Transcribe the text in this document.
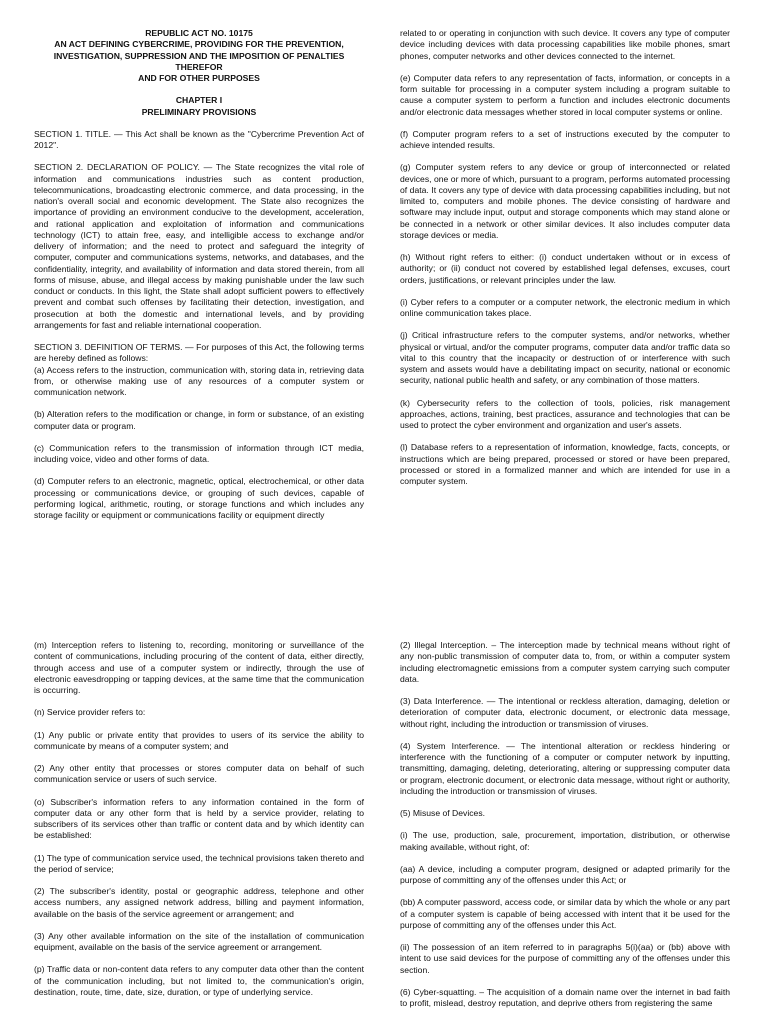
REPUBLIC ACT NO. 10175
AN ACT DEFINING CYBERCRIME, PROVIDING FOR THE PREVENTION,
INVESTIGATION, SUPPRESSION AND THE IMPOSITION OF PENALTIES THEREFOR
AND FOR OTHER PURPOSES
CHAPTER I
PRELIMINARY PROVISIONS

SECTION 1. TITLE. — This Act shall be known as the "Cybercrime Prevention Act of 2012".

SECTION 2. DECLARATION OF POLICY. — The State recognizes the vital role of information and communications industries such as content production, telecommunications, broadcasting electronic commerce, and data processing, in the nation's overall social and economic development. The State also recognizes the importance of providing an environment conducive to the development, acceleration, and rational application and exploitation of information and communications technology (ICT) to attain free, easy, and intelligible access to exchange and/or delivery of information; and the need to protect and safeguard the integrity of computer, computer and communications systems, networks, and databases, and the confidentiality, integrity, and availability of information and data stored therein, from all forms of misuse, abuse, and illegal access by making punishable under the law such conduct or conducts. In this light, the State shall adopt sufficient powers to effectively prevent and combat such offenses by facilitating their detection, investigation, and prosecution at both the domestic and international levels, and by providing arrangements for fast and reliable international cooperation.

SECTION 3. DEFINITION OF TERMS. — For purposes of this Act, the following terms are hereby defined as follows:

(a) Access refers to the instruction, communication with, storing data in, retrieving data from, or otherwise making use of any resources of a computer system or communication network.

(b) Alteration refers to the modification or change, in form or substance, of an existing computer data or program.

(c) Communication refers to the transmission of information through ICT media, including voice, video and other forms of data.

(d) Computer refers to an electronic, magnetic, optical, electrochemical, or other data processing or communications device, or grouping of such devices, capable of performing logical, arithmetic, routing, or storage functions and which includes any storage facility or equipment or communications facility or equipment directly

related to or operating in conjunction with such device. It covers any type of computer device including devices with data processing capabilities like mobile phones, smart phones, computer networks and other devices connected to the internet.

(e) Computer data refers to any representation of facts, information, or concepts in a form suitable for processing in a computer system including a program suitable to cause a computer system to perform a function and includes electronic documents and/or electronic data messages whether stored in local computer systems or online.

(f) Computer program refers to a set of instructions executed by the computer to achieve intended results.

(g) Computer system refers to any device or group of interconnected or related devices, one or more of which, pursuant to a program, performs automated processing of data. It covers any type of device with data processing capabilities including, but not limited to, computers and mobile phones. The device consisting of hardware and software may include input, output and storage components which may stand alone or be connected in a network or other similar devices. It also includes computer data storage devices or media.

(h) Without right refers to either: (i) conduct undertaken without or in excess of authority; or (ii) conduct not covered by established legal defenses, excuses, court orders, justifications, or relevant principles under the law.

(i) Cyber refers to a computer or a computer network, the electronic medium in which online communication takes place.

(j) Critical infrastructure refers to the computer systems, and/or networks, whether physical or virtual, and/or the computer programs, computer data and/or traffic data so vital to this country that the incapacity or destruction of or interference with such system and assets would have a debilitating impact on security, national or economic security, national public health and safety, or any combination of those matters.

(k) Cybersecurity refers to the collection of tools, policies, risk management approaches, actions, training, best practices, assurance and technologies that can be used to protect the cyber environment and organization and user's assets.

(l) Database refers to a representation of information, knowledge, facts, concepts, or instructions which are being prepared, processed or stored or have been prepared, processed or stored in a formalized manner and which are intended for use in a computer system.

(m) Interception refers to listening to, recording, monitoring or surveillance of the content of communications, including procuring of the content of data, either directly, through access and use of a computer system or indirectly, through the use of electronic eavesdropping or tapping devices, at the same time that the communication is occurring.

(n) Service provider refers to:

(1) Any public or private entity that provides to users of its service the ability to communicate by means of a computer system; and

(2) Any other entity that processes or stores computer data on behalf of such communication service or users of such service.

(o) Subscriber's information refers to any information contained in the form of computer data or any other form that is held by a service provider, relating to subscribers of its services other than traffic or content data and by which identity can be established:

(1) The type of communication service used, the technical provisions taken thereto and the period of service;

(2) The subscriber's identity, postal or geographic address, telephone and other access numbers, any assigned network address, billing and payment information, available on the basis of the service agreement or arrangement; and

(3) Any other available information on the site of the installation of communication equipment, available on the basis of the service agreement or arrangement.

(p) Traffic data or non-content data refers to any computer data other than the content of the communication including, but not limited to, the communication's origin, destination, route, time, date, size, duration, or type of underlying service.

(2) Illegal Interception. – The interception made by technical means without right of any non-public transmission of computer data to, from, or within a computer system including electromagnetic emissions from a computer system carrying such computer data.

(3) Data Interference. — The intentional or reckless alteration, damaging, deletion or deterioration of computer data, electronic document, or electronic data message, without right, including the introduction or transmission of viruses.

(4) System Interference. — The intentional alteration or reckless hindering or interference with the functioning of a computer or computer network by inputting, transmitting, damaging, deleting, deteriorating, altering or suppressing computer data or program, electronic document, or electronic data message, without right or authority, including the introduction or transmission of viruses.

(5) Misuse of Devices.

(i) The use, production, sale, procurement, importation, distribution, or otherwise making available, without right, of:

(aa) A device, including a computer program, designed or adapted primarily for the purpose of committing any of the offenses under this Act; or

(bb) A computer password, access code, or similar data by which the whole or any part of a computer system is capable of being accessed with intent that it be used for the purpose of committing any of the offenses under this Act.

(ii) The possession of an item referred to in paragraphs 5(i)(aa) or (bb) above with intent to use said devices for the purpose of committing any of the offenses under this section.

(6) Cyber-squatting. – The acquisition of a domain name over the internet in bad faith to profit, mislead, destroy reputation, and deprive others from registering the same
